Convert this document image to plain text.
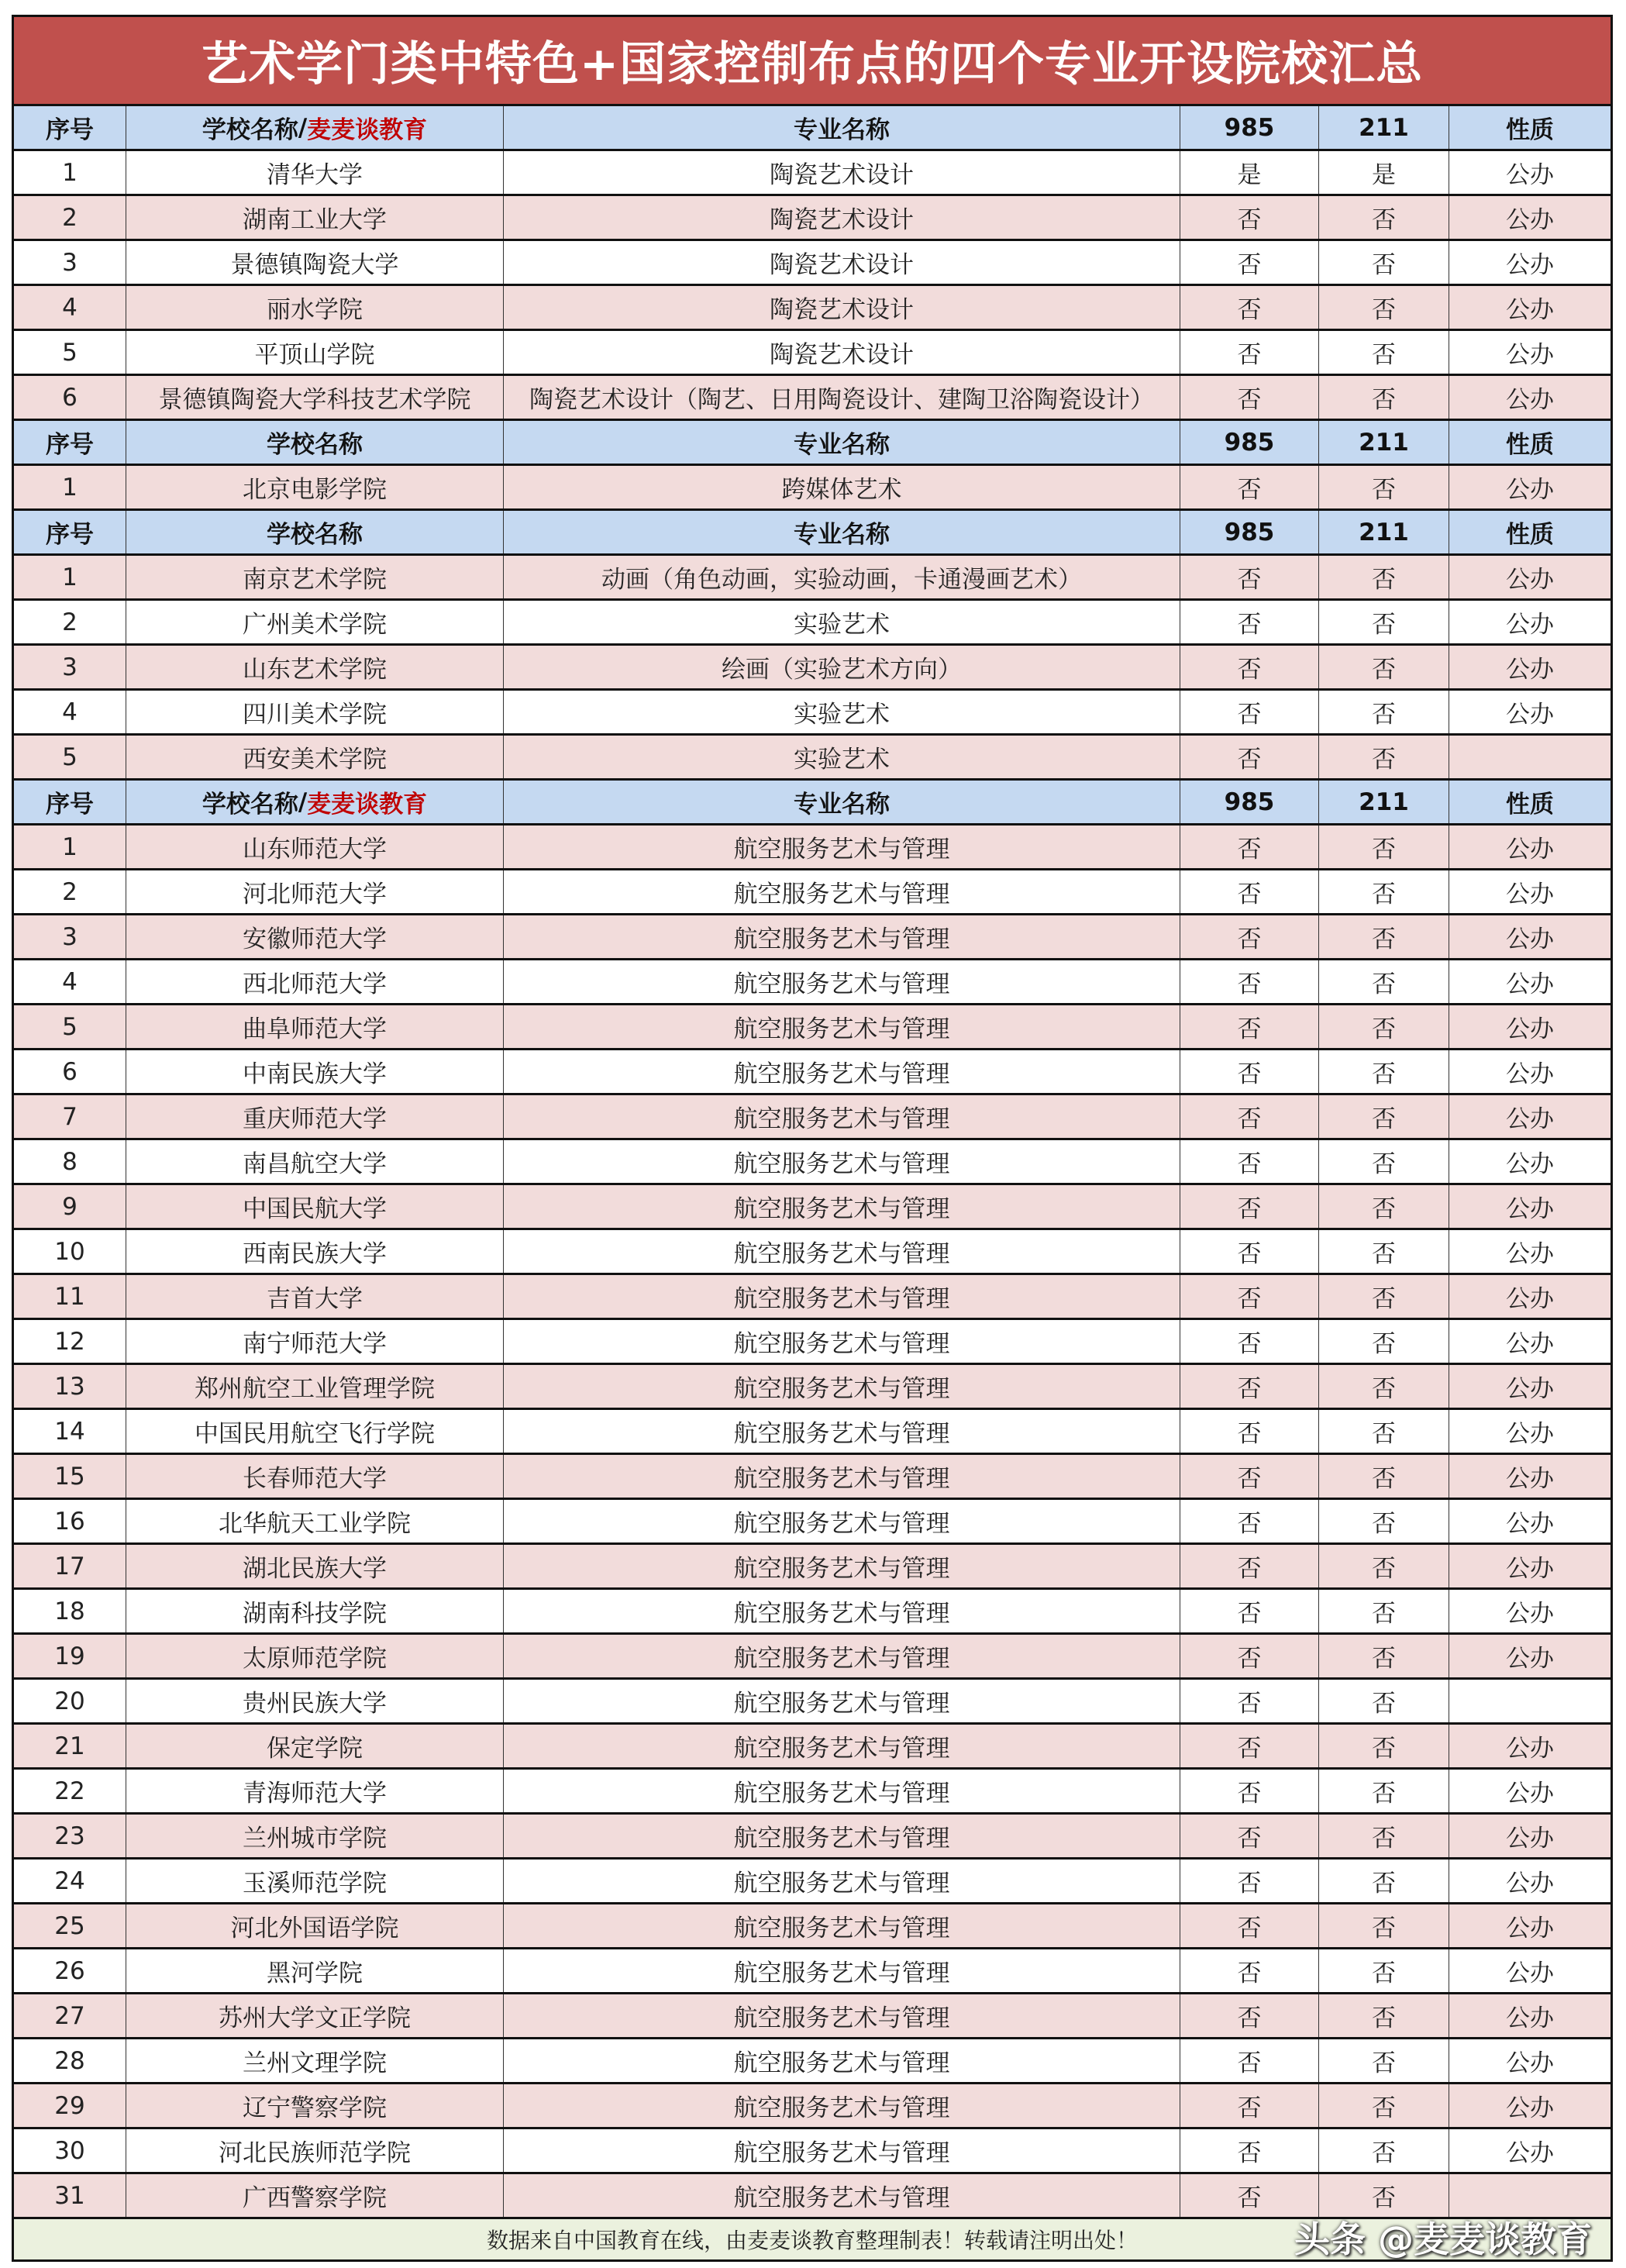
艺术学门类中特色+国家控制布点的四个专业开设院校汇总
序号	学校名称 / 麦麦谈教育	专业名称	985	211	性质
1	清华大学	陶瓷艺术设计	是	是	公办
2	湖南工业大学	陶瓷艺术设计	否	否	公办
3	景德镇陶瓷大学	陶瓷艺术设计	否	否	公办
4	丽水学院	陶瓷艺术设计	否	否	公办
5	平顶山学院	陶瓷艺术设计	否	否	公办
6	景德镇陶瓷大学科技艺术学院	陶瓷艺术设计（陶艺、日用陶瓷设计、建陶卫浴陶瓷设计）	否	否	公办
序号	学校名称	专业名称	985	211	性质
1	北京电影学院	跨媒体艺术	否	否	公办
序号	学校名称	专业名称	985	211	性质
1	南京艺术学院	动画（角色动画，实验动画，卡通漫画艺术）	否	否	公办
2	广州美术学院	实验艺术	否	否	公办
3	山东艺术学院	绘画（实验艺术方向）	否	否	公办
4	四川美术学院	实验艺术	否	否	公办
5	西安美术学院	实验艺术	否	否
序号	学校名称 / 麦麦谈教育	专业名称	985	211	性质
1	山东师范大学	航空服务艺术与管理	否	否	公办
2	河北师范大学	航空服务艺术与管理	否	否	公办
3	安徽师范大学	航空服务艺术与管理	否	否	公办
4	西北师范大学	航空服务艺术与管理	否	否	公办
5	曲阜师范大学	航空服务艺术与管理	否	否	公办
6	中南民族大学	航空服务艺术与管理	否	否	公办
7	重庆师范大学	航空服务艺术与管理	否	否	公办
8	南昌航空大学	航空服务艺术与管理	否	否	公办
9	中国民航大学	航空服务艺术与管理	否	否	公办
10	西南民族大学	航空服务艺术与管理	否	否	公办
11	吉首大学	航空服务艺术与管理	否	否	公办
12	南宁师范大学	航空服务艺术与管理	否	否	公办
13	郑州航空工业管理学院	航空服务艺术与管理	否	否	公办
14	中国民用航空飞行学院	航空服务艺术与管理	否	否	公办
15	长春师范大学	航空服务艺术与管理	否	否	公办
16	北华航天工业学院	航空服务艺术与管理	否	否	公办
17	湖北民族大学	航空服务艺术与管理	否	否	公办
18	湖南科技学院	航空服务艺术与管理	否	否	公办
19	太原师范学院	航空服务艺术与管理	否	否	公办
20	贵州民族大学	航空服务艺术与管理	否	否
21	保定学院	航空服务艺术与管理	否	否	公办
22	青海师范大学	航空服务艺术与管理	否	否	公办
23	兰州城市学院	航空服务艺术与管理	否	否	公办
24	玉溪师范学院	航空服务艺术与管理	否	否	公办
25	河北外国语学院	航空服务艺术与管理	否	否	公办
26	黑河学院	航空服务艺术与管理	否	否	公办
27	苏州大学文正学院	航空服务艺术与管理	否	否	公办
28	兰州文理学院	航空服务艺术与管理	否	否	公办
29	辽宁警察学院	航空服务艺术与管理	否	否	公办
30	河北民族师范学院	航空服务艺术与管理	否	否	公办
31	广西警察学院	航空服务艺术与管理	否	否
数据来自中国教育在线，由麦麦谈教育整理制表！转载请注明出处！	头条 @麦麦谈教育
